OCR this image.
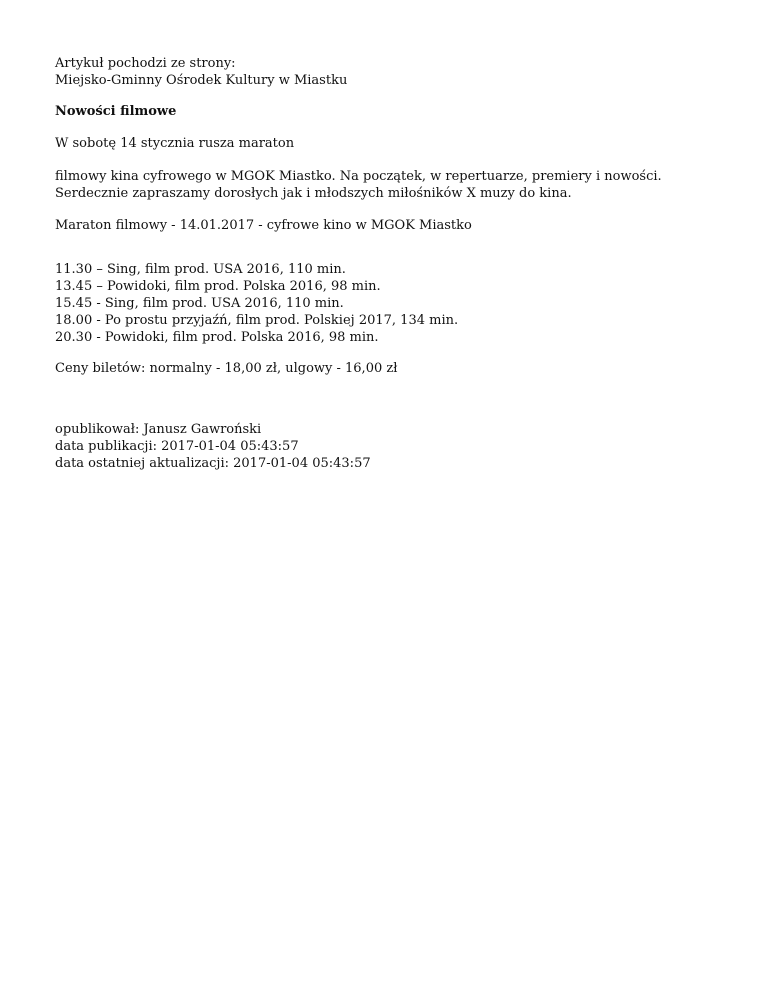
Artykuł pochodzi ze strony:
Miejsko-Gminny Ośrodek Kultury w Miastku
Nowości filmowe
W sobotę 14 stycznia rusza maraton
filmowy kina cyfrowego w MGOK Miastko. Na początek, w repertuarze, premiery i nowości.
Serdecznie zapraszamy dorosłych jak i młodszych miłośników X muzy do kina.
Maraton filmowy - 14.01.2017 - cyfrowe kino w MGOK Miastko
11.30 – Sing, film prod. USA 2016, 110 min.
13.45 – Powidoki, film prod. Polska 2016, 98 min.
15.45 - Sing, film prod. USA 2016, 110 min.
18.00 - Po prostu przyjaźń, film prod. Polskiej 2017, 134 min.
20.30 - Powidoki, film prod. Polska 2016, 98 min.
Ceny biletów: normalny - 18,00 zł, ulgowy - 16,00 zł
opublikował: Janusz Gawroński
data publikacji: 2017-01-04 05:43:57
data ostatniej aktualizacji: 2017-01-04 05:43:57
